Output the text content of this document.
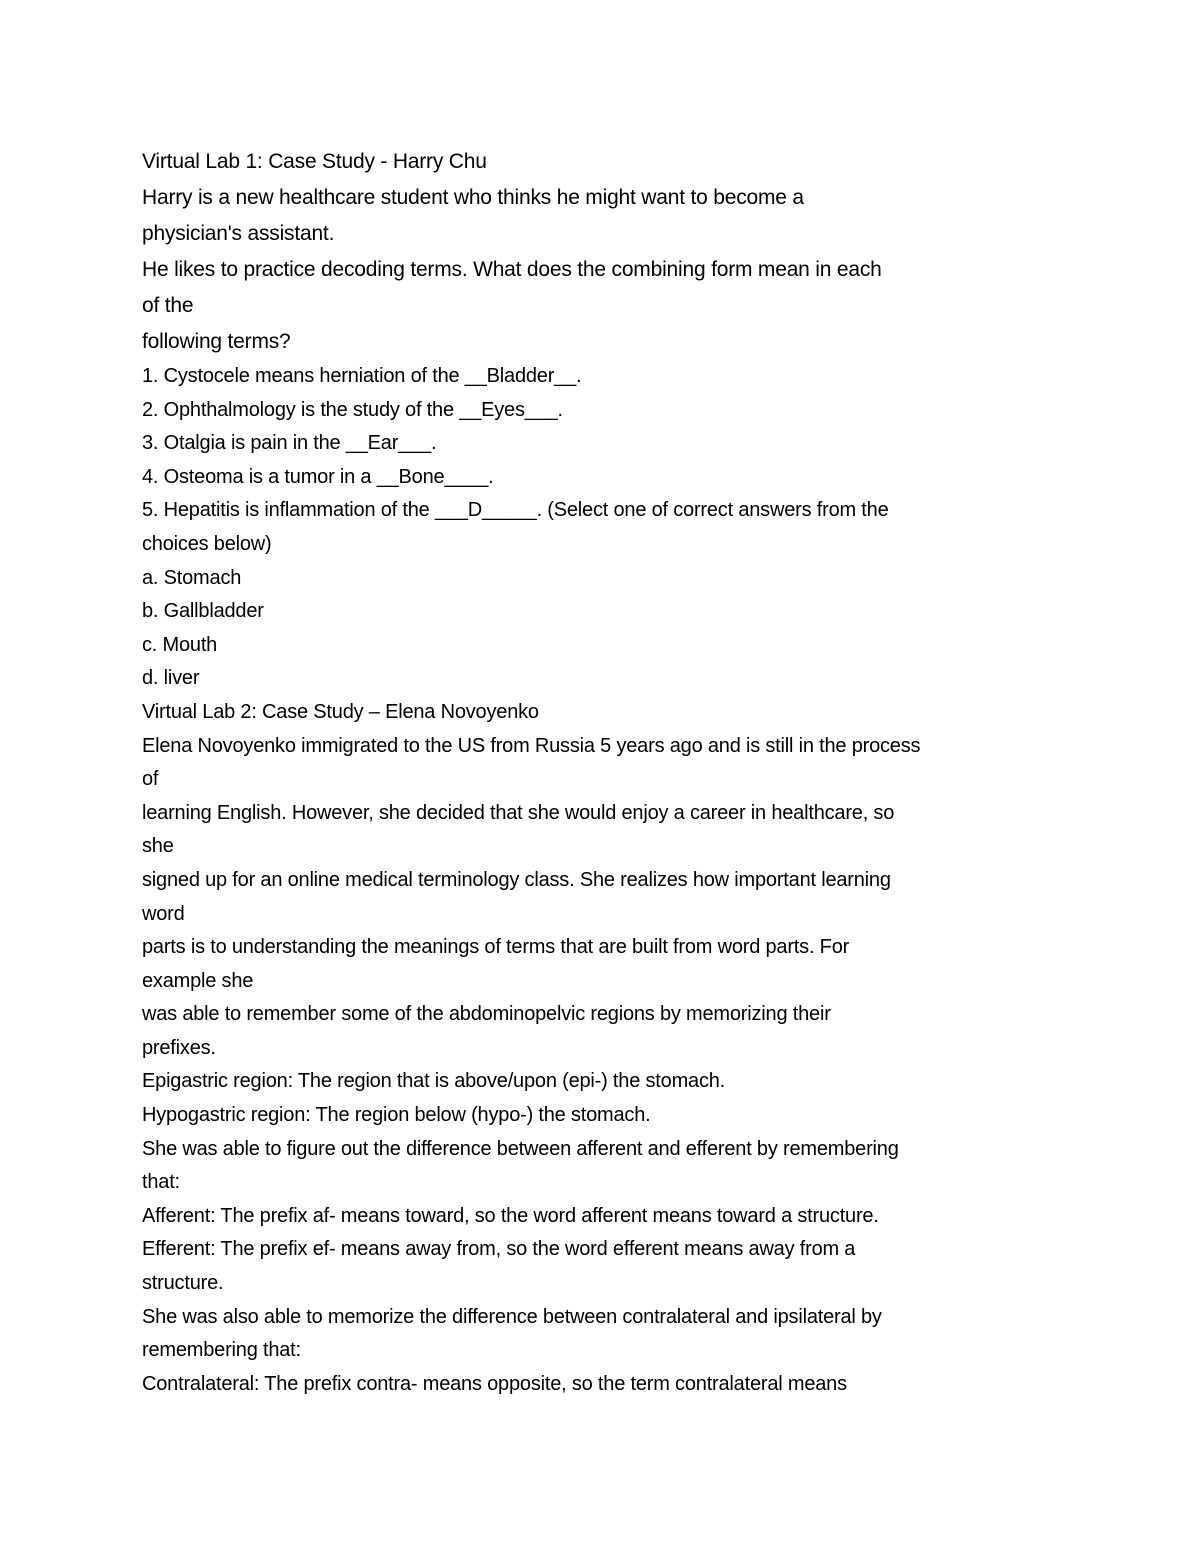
Virtual Lab 1: Case Study - Harry Chu
Harry is a new healthcare student who thinks he might want to become a
physician's assistant.
He likes to practice decoding terms. What does the combining form mean in each
of the
following terms?
1. Cystocele means herniation of the __Bladder__.
2. Ophthalmology is the study of the __Eyes___.
3. Otalgia is pain in the __Ear___.
4. Osteoma is a tumor in a __Bone____.
5. Hepatitis is inflammation of the ___D_____. (Select one of correct answers from the
choices below)
a. Stomach
b. Gallbladder
c. Mouth
d. liver
Virtual Lab 2: Case Study – Elena Novoyenko
Elena Novoyenko immigrated to the US from Russia 5 years ago and is still in the process
of
learning English. However, she decided that she would enjoy a career in healthcare, so
she
signed up for an online medical terminology class. She realizes how important learning
word
parts is to understanding the meanings of terms that are built from word parts. For
example she
was able to remember some of the abdominopelvic regions by memorizing their
prefixes.
Epigastric region: The region that is above/upon (epi-) the stomach.
Hypogastric region: The region below (hypo-) the stomach.
She was able to figure out the difference between afferent and efferent by remembering
that:
Afferent: The prefix af- means toward, so the word afferent means toward a structure.
Efferent: The prefix ef- means away from, so the word efferent means away from a
structure.
She was also able to memorize the difference between contralateral and ipsilateral by
remembering that:
Contralateral: The prefix contra- means opposite, so the term contralateral means
